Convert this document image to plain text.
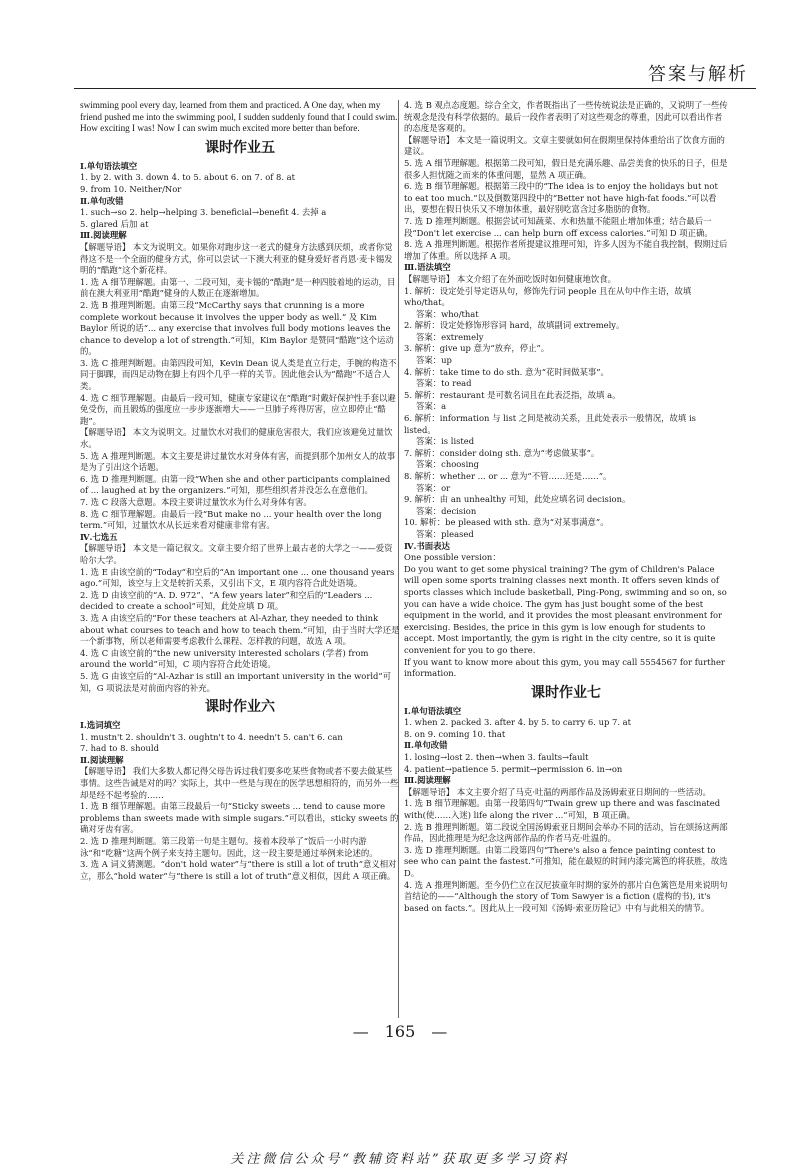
答案与解析

swimming pool every day, learned from them and practiced. A One day, when my friend pushed me into the swimming pool, I sudden suddenly found that I could swim. How exciting I was! Now I can swim much excited more better than before.

课时作业五

Ⅰ.单句语法填空

1. by 2. with 3. down 4. to 5. about 6. on 7. of 8. at

9. from 10. Neither/Nor

Ⅱ.单句改错

1. such→so 2. help→helping 3. beneficial→benefit 4. 去掉 a

5. glared 后加 at

Ⅲ.阅读理解

【解题导语】 本文为说明文。如果你对跑步这一老式的健身方法感到厌烦，或者你觉得这不是一个全面的健身方式，你可以尝试一下澳大利亚的健身爱好者肖恩·麦卡锡发明的“酷跑”这个新花样。

1. 选 A 细节理解题。由第一、二段可知，麦卡锡的“酷跑”是一种四肢着地的运动，目前在澳大利亚用“酷跑”健身的人数正在逐渐增加。

2. 选 B 推理判断题。由第三段“McCarthy says that crunning is a more complete workout because it involves the upper body as well.” 及 Kim Baylor 所说的话“... any exercise that involves full body motions leaves the chance to develop a lot of strength.”可知，Kim Baylor 是赞同“酷跑”这个运动的。

3. 选 C 推理判断题。由第四段可知，Kevin Dean 说人类是直立行走，手腕的构造不同于脚踝，而四足动物在脚上有四个几乎一样的关节。因此他会认为“酷跑”不适合人类。

4. 选 C 细节理解题。由最后一段可知，健康专家建议在“酷跑”时戴好保护性手套以避免受伤，而且锻炼的强度应一步步逐渐增大——一旦肺子疼得厉害，应立即停止“酷跑”。

【解题导语】 本文为说明文。过量饮水对我们的健康危害很大，我们应该避免过量饮水。

5. 选 A 推理判断题。本文主要是讲过量饮水对身体有害，而提到那个加州女人的故事是为了引出这个话题。

6. 选 D 推理判断题。由第一段“When she and other participants complained of ... laughed at by the organizers.”可知，那些组织者并没怎么在意他们。

7. 选 C 段落大意题。本段主要讲过量饮水为什么对身体有害。

8. 选 C 细节理解题。由最后一段“But make no ... your health over the long term.”可知，过量饮水从长远来看对健康非常有害。

Ⅳ.七选五

【解题导语】 本文是一篇记叙文。文章主要介绍了世界上最古老的大学之一——爱资哈尔大学。

1. 选 E 由该空前的“Today”和空后的“An important one ... one thousand years ago.”可知，该空与上文是转折关系，又引出下文，E 项内容符合此处语境。

2. 选 D 由该空前的“A. D. 972”、“A few years later”和空后的“Leaders ... decided to create a school”可知，此处应填 D 项。

3. 选 A 由该空后的“For these teachers at Al-Azhar, they needed to think about what courses to teach and how to teach them.”可知，由于当时大学还是一个新事物，所以老师需要考虑教什么课程、怎样教的问题，故选 A 项。

4. 选 C 由该空前的“the new university interested scholars (学者) from around the world”可知，C 项内容符合此处语境。

5. 选 G 由该空后的“Al-Azhar is still an important university in the world”可知，G 项说法是对前面内容的补充。

课时作业六

Ⅰ.选词填空

1. mustn't 2. shouldn't 3. oughtn't to 4. needn't 5. can't 6. can

7. had to 8. should

Ⅱ.阅读理解

【解题导语】 我们大多数人都记得父母告诉过我们要多吃某些食物或者不要去做某些事情。这些告诫是对的吗？实际上，其中一些是与现在的医学思想相符的，而另外一些却是经不起考验的……

1. 选 B 细节理解题。由第三段最后一句“Sticky sweets ... tend to cause more problems than sweets made with simple sugars.”可以看出，sticky sweets 的确对牙齿有害。

2. 选 D 推理判断题。第三段第一句是主题句。接着本段举了“饭后一小时内游泳”和“吃糖”这两个例子来支持主题句。因此，这一段主要是通过举例来论述的。

3. 选 A 词义猜测题。“don't hold water”与“there is still a lot of truth”意义相对立，那么“hold water”与“there is still a lot of truth”意义相似，因此 A 项正确。

4. 选 B 观点态度题。综合全文，作者既指出了一些传统说法是正确的，又说明了一些传统观念是没有科学依据的。最后一段作者表明了对这些观念的尊重，因此可以看出作者的态度是客观的。

【解题导语】 本文是一篇说明文。文章主要就如何在假期里保持体重给出了饮食方面的建议。

5. 选 A 细节理解题。根据第二段可知，假日是充满乐趣、品尝美食的快乐的日子，但是很多人担忧随之而来的体重问题，显然 A 项正确。

6. 选 B 细节理解题。根据第三段中的“The idea is to enjoy the holidays but not to eat too much.”以及倒数第四段中的“Better not have high-fat foods.”可以看出，要想在假日快乐又不增加体重，最好别吃富含过多脂肪的食物。

7. 选 D 推理判断题。根据尝试可知蔬菜、水和热量不能阻止增加体重；结合最后一段“Don't let exercise ... can help burn off excess calories.”可知 D 项正确。

8. 选 A 推理判断题。根据作者所提建议推理可知，许多人因为不能自我控制，假期过后增加了体重。所以选择 A 项。

Ⅲ.语法填空

【解题导语】 本文介绍了在外面吃饭时如何健康地饮食。

1. 解析：设定处引导定语从句，修饰先行词 people 且在从句中作主语，故填 who/that。

答案：who/that

2. 解析：设定处修饰形容词 hard，故填副词 extremely。

答案：extremely

3. 解析：give up 意为“放弃，停止”。

答案：up

4. 解析：take time to do sth. 意为“花时间做某事”。

答案：to read

5. 解析：restaurant 是可数名词且在此表泛指，故填 a。

答案：a

6. 解析：information 与 list 之间是被动关系，且此处表示一般情况，故填 is listed。

答案：is listed

7. 解析：consider doing sth. 意为“考虑做某事”。

答案：choosing

8. 解析：whether ... or ... 意为“不管……还是……”。

答案：or

9. 解析：由 an unhealthy 可知，此处应填名词 decision。

答案：decision

10. 解析：be pleased with sth. 意为“对某事满意”。

答案：pleased

Ⅳ.书面表达

One possible version：

Do you want to get some physical training? The gym of Children's Palace will open some sports training classes next month. It offers seven kinds of sports classes which include basketball, Ping-Pong, swimming and so on, so you can have a wide choice. The gym has just bought some of the best equipment in the world, and it provides the most pleasant environment for exercising. Besides, the price in this gym is low enough for students to accept. Most importantly, the gym is right in the city centre, so it is quite convenient for you to go there.

If you want to know more about this gym, you may call 5554567 for further information.

课时作业七

Ⅰ.单句语法填空

1. when 2. packed 3. after 4. by 5. to carry 6. up 7. at

8. on 9. coming 10. that

Ⅱ.单句改错

1. losing→lost 2. then→when 3. faults→fault

4. patient→patience 5. permit→permission 6. in→on

Ⅲ.阅读理解

【解题导语】 本文主要介绍了马克·吐温的两部作品及汤姆索亚日期间的一些活动。

1. 选 B 细节理解题。由第一段第四句“Twain grew up there and was fascinated with(使……入迷) life along the river ...”可知，B 项正确。

2. 选 B 推理判断题。第二段说全国汤姆索亚日期间会举办不同的活动，旨在颂扬这两部作品，因此推理是为纪念这两部作品的作者马克·吐温的。

3. 选 D 推理判断题。由第二段第四句“There's also a fence painting contest to see who can paint the fastest.”可推知，能在最短的时间内漆完篱笆的将获胜，故选 D。

4. 选 A 推理判断题。至今仍伫立在汉尼拔童年时期的家外的那片白色篱笆是用来说明句首结论的——“Although the story of Tom Sawyer is a fiction (虚构的书), it's based on facts.”。因此从上一段可知《汤姆·索亚历险记》中有与此相关的情节。

— 165 —
关注微信公众号“教辅资料站”获取更多学习资料
